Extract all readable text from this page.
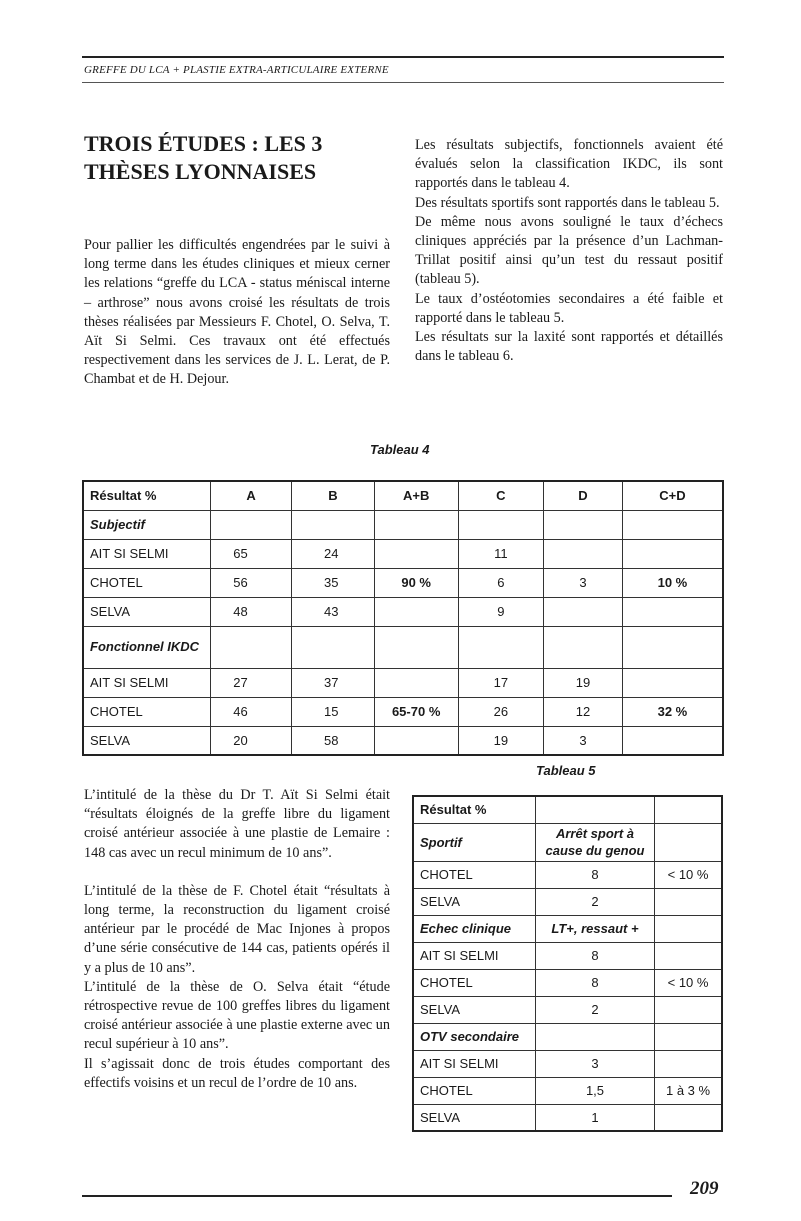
GREFFE DU LCA + PLASTIE EXTRA-ARTICULAIRE EXTERNE
TROIS ÉTUDES : LES 3
THÈSES LYONNAISES

Pour pallier les difficultés engendrées par le suivi à long terme dans les études cliniques et mieux cerner les relations “greffe du LCA - status méniscal interne – arthrose” nous avons croisé les résultats de trois thèses réalisées par Messieurs F. Chotel, O. Selva, T. Aït Si Selmi. Ces travaux ont été effectués respectivement dans les services de J. L. Lerat, de P. Chambat et de H. Dejour.

Les résultats subjectifs, fonctionnels avaient été évalués selon la classification IKDC, ils sont rapportés dans le tableau 4.

Des résultats sportifs sont rapportés dans le tableau 5.

De même nous avons souligné le taux d’échecs cliniques appréciés par la présence d’un Lachman-Trillat positif ainsi qu’un test du ressaut positif (tableau 5).

Le taux d’ostéotomies secondaires a été faible et rapporté dans le tableau 5.

Les résultats sur la laxité sont rapportés et détaillés dans le tableau 6.

Tableau 4
Résultat %	A	B	A+B	C	D	C+D
Subjectif						
AIT SI SELMI	65	24		11		
CHOTEL	56	35	90 %	6	3	10 %
SELVA	48	43		9		
Fonctionnel IKDC						
AIT SI SELMI	27	37		17	19	
CHOTEL	46	15	65-70 %	26	12	32 %
SELVA	20	58		19	3	

L’intitulé de la thèse du Dr T. Aït Si Selmi était “résultats éloignés de la greffe libre du ligament croisé antérieur associée à une plastie de Lemaire : 148 cas avec un recul minimum de 10 ans”.

L’intitulé de la thèse de F. Chotel était “résultats à long terme, la reconstruction du ligament croisé antérieur par le procédé de Mac Injones à propos d’une série consécutive de 144 cas, patients opérés il y a plus de 10 ans”.

L’intitulé de la thèse de O. Selva était “étude rétrospective revue de 100 greffes libres du ligament croisé antérieur associée à une plastie externe avec un recul supérieur à 10 ans”.

Il s’agissait donc de trois études comportant des effectifs voisins et un recul de l’ordre de 10 ans.

Tableau 5
Résultat %		
Sportif	Arrêt sport à cause du genou	
CHOTEL	8	< 10 %
SELVA	2	
Echec clinique	LT+, ressaut +	
AIT SI SELMI	8	
CHOTEL	8	< 10 %
SELVA	2	
OTV secondaire		
AIT SI SELMI	3	
CHOTEL	1,5	1 à 3 %
SELVA	1	
209
